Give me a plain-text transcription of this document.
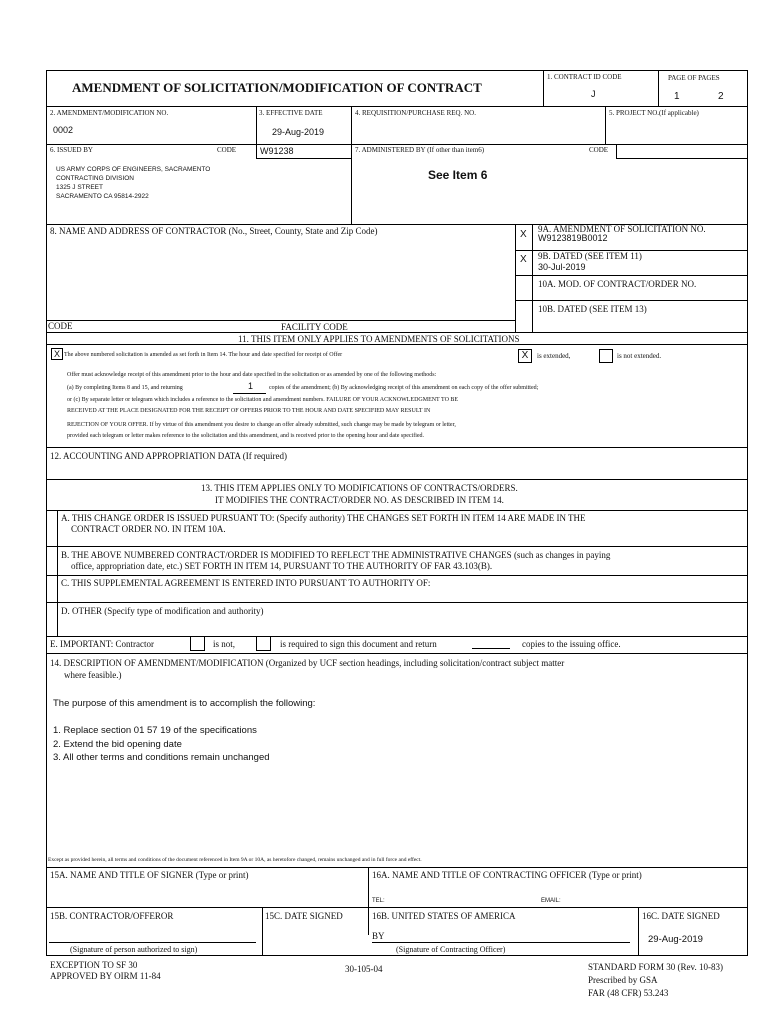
AMENDMENT OF SOLICITATION/MODIFICATION OF CONTRACT
1. CONTRACT ID CODE
J
PAGE OF PAGES
1	2
2. AMENDMENT/MODIFICATION NO.
0002
3. EFFECTIVE DATE
29-Aug-2019
4. REQUISITION/PURCHASE REQ. NO.	5. PROJECT NO.(If applicable)
6. ISSUED BY	CODE	W91238	7. ADMINISTERED BY (If other than item6)	CODE
US ARMY CORPS OF ENGINEERS, SACRAMENTO
CONTRACTING DIVISION
1325 J STREET
SACRAMENTO CA 95814-2922
See Item 6
8. NAME AND ADDRESS OF CONTRACTOR (No., Street, County, State and Zip Code)
CODE	FACILITY CODE
X 9A. AMENDMENT OF SOLICITATION NO.
W9123819B0012
X 9B. DATED (SEE ITEM 11)
30-Jul-2019
10A. MOD. OF CONTRACT/ORDER NO.
10B. DATED (SEE ITEM 13)
11. THIS ITEM ONLY APPLIES TO AMENDMENTS OF SOLICITATIONS
X The above numbered solicitation is amended as set forth in Item 14. The hour and date specified for receipt of Offer	X	is extended,	is not extended.
Offer must acknowledge receipt of this amendment prior to the hour and date specified in the solicitation or as amended by one of the following methods:
(a) By completing Items 8 and 15, and returning	1	copies of the amendment; (b) By acknowledging receipt of this amendment on each copy of the offer submitted;
or (c) By separate letter or telegram which includes a reference to the solicitation and amendment numbers. FAILURE OF YOUR ACKNOWLEDGMENT TO BE
RECEIVED AT THE PLACE DESIGNATED FOR THE RECEIPT OF OFFERS PRIOR TO THE HOUR AND DATE SPECIFIED MAY RESULT IN
REJECTION OF YOUR OFFER. If by virtue of this amendment you desire to change an offer already submitted, such change may be made by telegram or letter,
provided each telegram or letter makes reference to the solicitation and this amendment, and is received prior to the opening hour and date specified.
12. ACCOUNTING AND APPROPRIATION DATA (If required)
13. THIS ITEM APPLIES ONLY TO MODIFICATIONS OF CONTRACTS/ORDERS.
IT MODIFIES THE CONTRACT/ORDER NO. AS DESCRIBED IN ITEM 14.
A. THIS CHANGE ORDER IS ISSUED PURSUANT TO: (Specify authority) THE CHANGES SET FORTH IN ITEM 14 ARE MADE IN THE
CONTRACT ORDER NO. IN ITEM 10A.
B. THE ABOVE NUMBERED CONTRACT/ORDER IS MODIFIED TO REFLECT THE ADMINISTRATIVE CHANGES (such as changes in paying
office, appropriation date, etc.) SET FORTH IN ITEM 14, PURSUANT TO THE AUTHORITY OF FAR 43.103(B).
C. THIS SUPPLEMENTAL AGREEMENT IS ENTERED INTO PURSUANT TO AUTHORITY OF:
D. OTHER (Specify type of modification and authority)
E. IMPORTANT: Contractor	is not,	is required to sign this document and return	copies to the issuing office.
14. DESCRIPTION OF AMENDMENT/MODIFICATION (Organized by UCF section headings, including solicitation/contract subject matter
where feasible.)
The purpose of this amendment is to accomplish the following:
1. Replace section 01 57 19 of the specifications
2. Extend the bid opening date
3. All other terms and conditions remain unchanged
Except as provided herein, all terms and conditions of the document referenced in Item 9A or 10A, as heretofore changed, remains unchanged and in full force and effect.
15A. NAME AND TITLE OF SIGNER (Type or print)	16A. NAME AND TITLE OF CONTRACTING OFFICER (Type or print)
TEL:	EMAIL:
15B. CONTRACTOR/OFFEROR	15C. DATE SIGNED	16B. UNITED STATES OF AMERICA	16C. DATE SIGNED
(Signature of person authorized to sign)
BY
(Signature of Contracting Officer)
29-Aug-2019
EXCEPTION TO SF 30
APPROVED BY OIRM 11-84
30-105-04	STANDARD FORM 30 (Rev. 10-83)
Prescribed by GSA
FAR (48 CFR) 53.243
